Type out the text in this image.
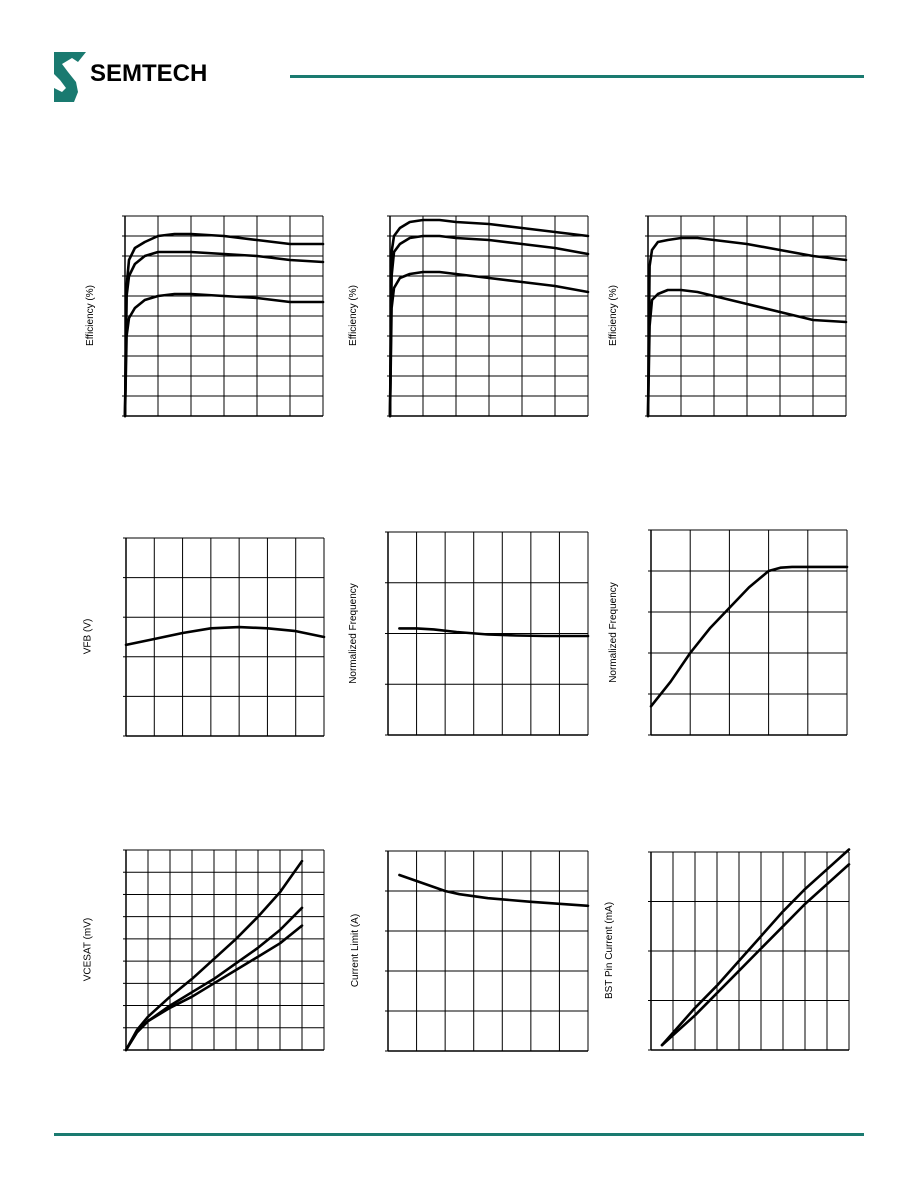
SEMTECH
Efficiency (%)	Efficiency (%)	Efficiency (%)
VFB (V)	Normalized Frequency	Normalized Frequency
VCESAT (mV)	Current Limit (A)	BST Pin Current (mA)
